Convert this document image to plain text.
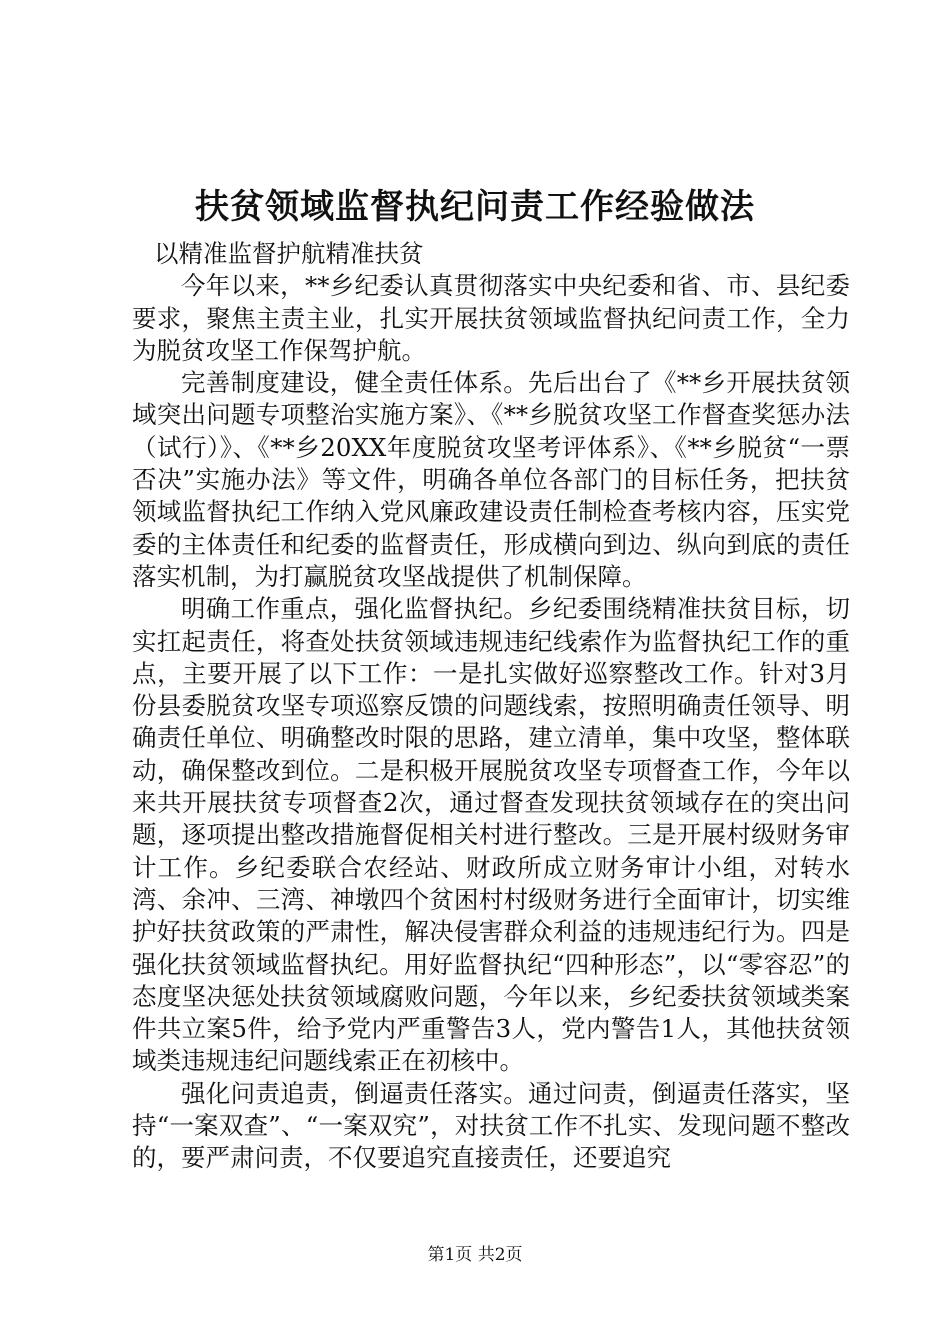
扶贫领域监督执纪问责工作经验做法

以精准监督护航精准扶贫

今年以来，**乡纪委认真贯彻落实中央纪委和省、市、县纪委要求，聚焦主责主业，扎实开展扶贫领域监督执纪问责工作，全力为脱贫攻坚工作保驾护航。

完善制度建设，健全责任体系。先后出台了《**乡开展扶贫领域突出问题专项整治实施方案》、《**乡脱贫攻坚工作督查奖惩办法（试行）》、《**乡20XX年度脱贫攻坚考评体系》、《**乡脱贫“一票否决”实施办法》等文件，明确各单位各部门的目标任务，把扶贫领域监督执纪工作纳入党风廉政建设责任制检查考核内容，压实党委的主体责任和纪委的监督责任，形成横向到边、纵向到底的责任落实机制，为打赢脱贫攻坚战提供了机制保障。

明确工作重点，强化监督执纪。乡纪委围绕精准扶贫目标，切实扛起责任，将查处扶贫领域违规违纪线索作为监督执纪工作的重点，主要开展了以下工作：一是扎实做好巡察整改工作。针对3月份县委脱贫攻坚专项巡察反馈的问题线索，按照明确责任领导、明确责任单位、明确整改时限的思路，建立清单，集中攻坚，整体联动，确保整改到位。二是积极开展脱贫攻坚专项督查工作，今年以来共开展扶贫专项督查2次，通过督查发现扶贫领域存在的突出问题，逐项提出整改措施督促相关村进行整改。三是开展村级财务审计工作。乡纪委联合农经站、财政所成立财务审计小组，对转水湾、余冲、三湾、神墩四个贫困村村级财务进行全面审计，切实维护好扶贫政策的严肃性，解决侵害群众利益的违规违纪行为。四是强化扶贫领域监督执纪。用好监督执纪“四种形态”，以“零容忍”的态度坚决惩处扶贫领域腐败问题，今年以来，乡纪委扶贫领域类案件共立案5件，给予党内严重警告3人，党内警告1人，其他扶贫领域类违规违纪问题线索正在初核中。

强化问责追责，倒逼责任落实。通过问责，倒逼责任落实，坚持“一案双查”、“一案双究”，对扶贫工作不扎实、发现问题不整改的，要严肃问责，不仅要追究直接责任，还要追究

第1页 共2页
